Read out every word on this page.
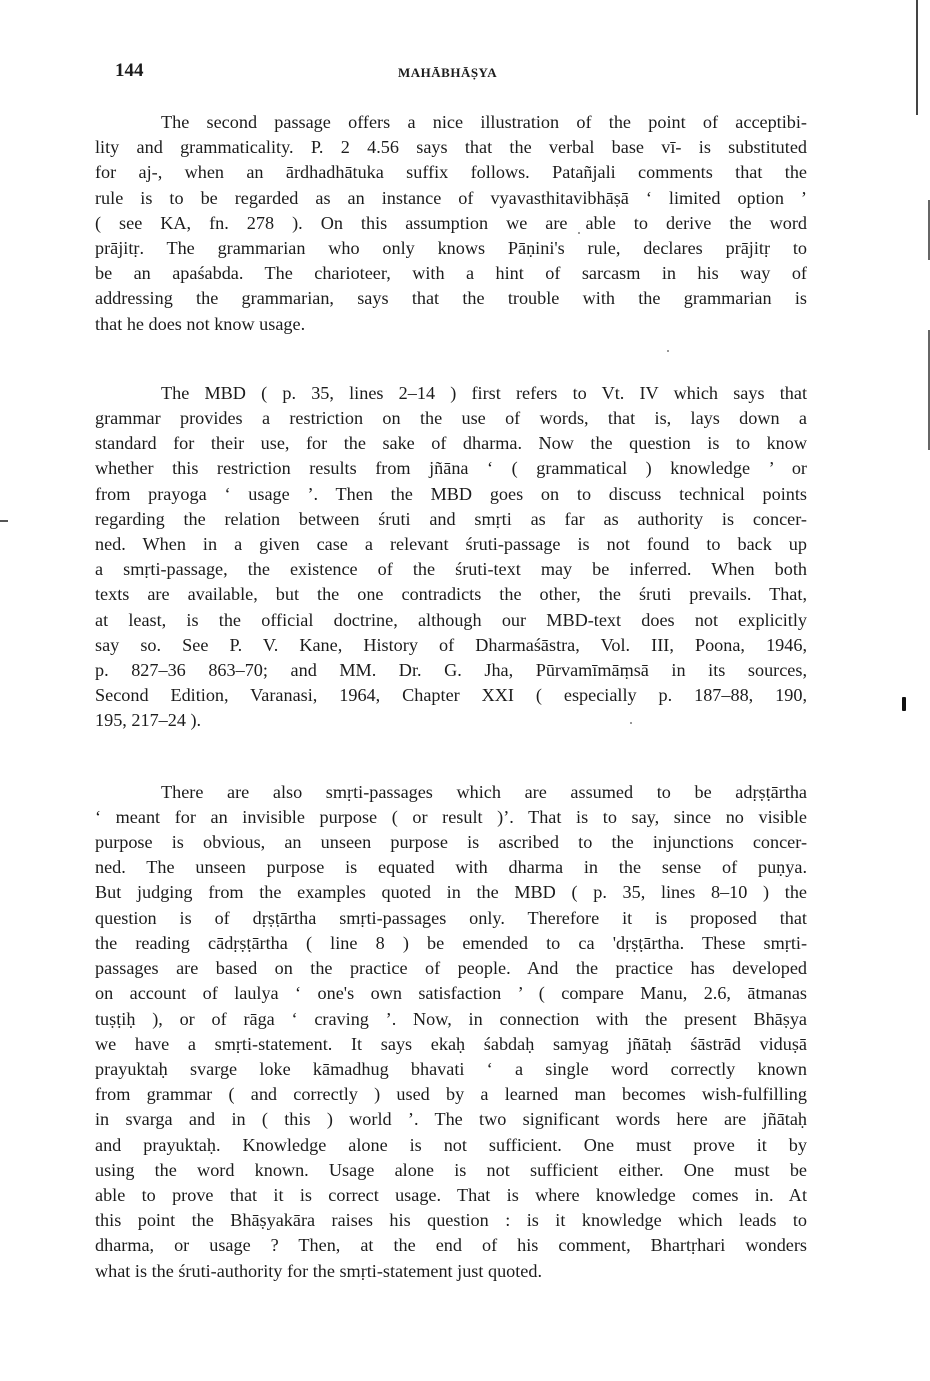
144	MAHĀBHĀṢYA
The second passage offers a nice illustration of the point of acceptibi-
lity and grammaticality. P. 2 4.56 says that the verbal base vī- is substituted
for aj-, when an ārdhadhātuka suffix follows. Patañjali comments that the
rule is to be regarded as an instance of vyavasthitavibhāṣā ‘ limited option ’
( see KA, fn. 278 ). On this assumption we are able to derive the word
prājitṛ. The grammarian who only knows Pāṇini's rule, declares prājitṛ to
be an apaśabda. The charioteer, with a hint of sarcasm in his way of
addressing the grammarian, says that the trouble with the grammarian is
that he does not know usage.
The MBD ( p. 35, lines 2–14 ) first refers to Vt. IV which says that
grammar provides a restriction on the use of words, that is, lays down a
standard for their use, for the sake of dharma. Now the question is to know
whether this restriction results from jñāna ‘ ( grammatical ) knowledge ’ or
from prayoga ‘ usage ’. Then the MBD goes on to discuss technical points
regarding the relation between śruti and smṛti as far as authority is concer-
ned. When in a given case a relevant śruti-passage is not found to back up
a smṛti-passage, the existence of the śruti-text may be inferred. When both
texts are available, but the one contradicts the other, the śruti prevails. That,
at least, is the official doctrine, although our MBD-text does not explicitly
say so. See P. V. Kane, History of Dharmaśāstra, Vol. III, Poona, 1946,
p. 827–36 863–70; and MM. Dr. G. Jha, Pūrvamīmāṃsā in its sources,
Second Edition, Varanasi, 1964, Chapter XXI ( especially p. 187–88, 190,
195, 217–24 ).
There are also smṛti-passages which are assumed to be adṛṣṭārtha
‘ meant for an invisible purpose ( or result )’. That is to say, since no visible
purpose is obvious, an unseen purpose is ascribed to the injunctions concer-
ned. The unseen purpose is equated with dharma in the sense of puṇya.
But judging from the examples quoted in the MBD ( p. 35, lines 8–10 ) the
question is of dṛṣṭārtha smṛti-passages only. Therefore it is proposed that
the reading cādṛṣṭārtha ( line 8 ) be emended to ca 'dṛṣṭārtha. These smṛti-
passages are based on the practice of people. And the practice has developed
on account of laulya ‘ one's own satisfaction ’ ( compare Manu, 2.6, ātmanas
tuṣṭiḥ ), or of rāga ‘ craving ’. Now, in connection with the present Bhāṣya
we have a smṛti-statement. It says ekaḥ śabdaḥ samyag jñātaḥ śāstrād viduṣā
prayuktaḥ svarge loke kāmadhug bhavati ‘ a single word correctly known
from grammar ( and correctly ) used by a learned man becomes wish-fulfilling
in svarga and in ( this ) world ’. The two significant words here are jñātaḥ
and prayuktaḥ. Knowledge alone is not sufficient. One must prove it by
using the word known. Usage alone is not sufficient either. One must be
able to prove that it is correct usage. That is where knowledge comes in. At
this point the Bhāṣyakāra raises his question : is it knowledge which leads to
dharma, or usage ? Then, at the end of his comment, Bhartṛhari wonders
what is the śruti-authority for the smṛti-statement just quoted.
